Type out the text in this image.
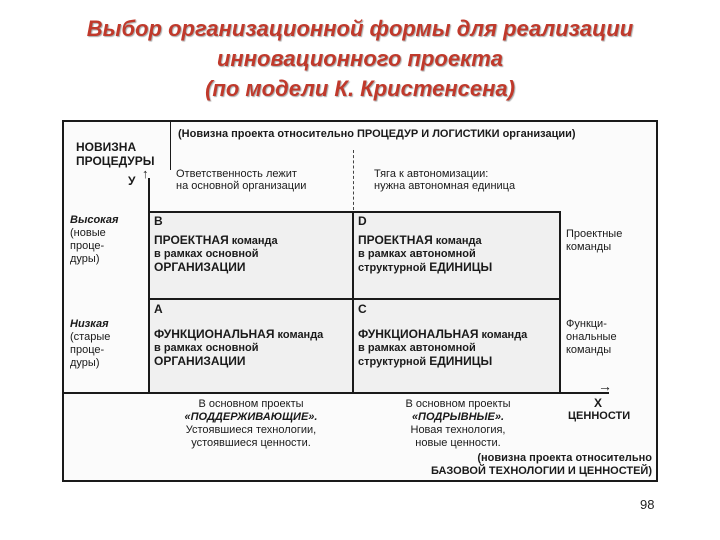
Выбор организационной формы для реализации
инновационного проекта
(по модели К. Кристенсена)
↑
НОВИЗНА
ПРОЦЕДУРЫ
У
(Новизна проекта относительно ПРОЦЕДУР И ЛОГИСТИКИ организации)
Ответственность лежит
на основной организации
Тяга к автономизации:
нужна автономная единица
Высокая
(новые
проце-
дуры)
Низкая
(старые
проце-
дуры)
B
ПРОЕКТНАЯ команда
в рамках основной
ОРГАНИЗАЦИИ
D
ПРОЕКТНАЯ команда
в рамках автономной
структурной ЕДИНИЦЫ
A
ФУНКЦИОНАЛЬНАЯ команда
в рамках основной
ОРГАНИЗАЦИИ
C
ФУНКЦИОНАЛЬНАЯ команда
в рамках автономной
структурной ЕДИНИЦЫ
Проектные
команды
Функци-
ональные
команды
→
X
ЦЕННОСТИ
В основном проекты
«ПОДДЕРЖИВАЮЩИЕ».
Устоявшиеся технологии,
устоявшиеся ценности.
В основном проекты
«ПОДРЫВНЫЕ».
Новая технология,
новые ценности.
(новизна проекта относительно
БАЗОВОЙ ТЕХНОЛОГИИ И ЦЕННОСТЕЙ)
98
